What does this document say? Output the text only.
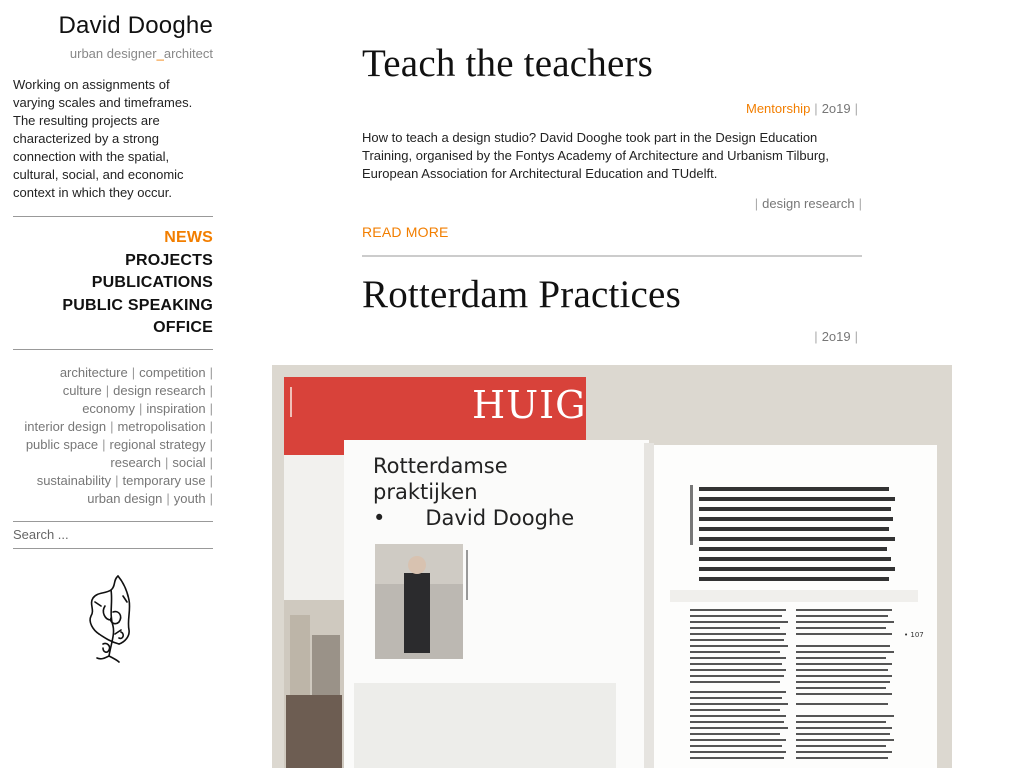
David Dooghe
urban designer_architect

Working on assignments of varying scales and timeframes. The resulting projects are characterized by a strong connection with the spatial, cultural, social, and economic context in which they occur.

NEWS
PROJECTS
PUBLICATIONS
PUBLIC SPEAKING
OFFICE
architecture | competition |
culture | design research |
economy | inspiration |
interior design | metropolisation |
public space | regional strategy |
research | social |
sustainability | temporary use |
urban design | youth |
Search ...
Teach the teachers
Mentorship | 2o19 |

How to teach a design studio? David Dooghe took part in the Design Education Training, organised by the Fontys Academy of Architecture and Urbanism Tilburg, European Association for Architectural Education and TUdelft.

| design research |
READ MORE
Rotterdam Practices
| 2o19 |
HUIG
Rotterdamse
praktijken
• David Dooghe
• 107
